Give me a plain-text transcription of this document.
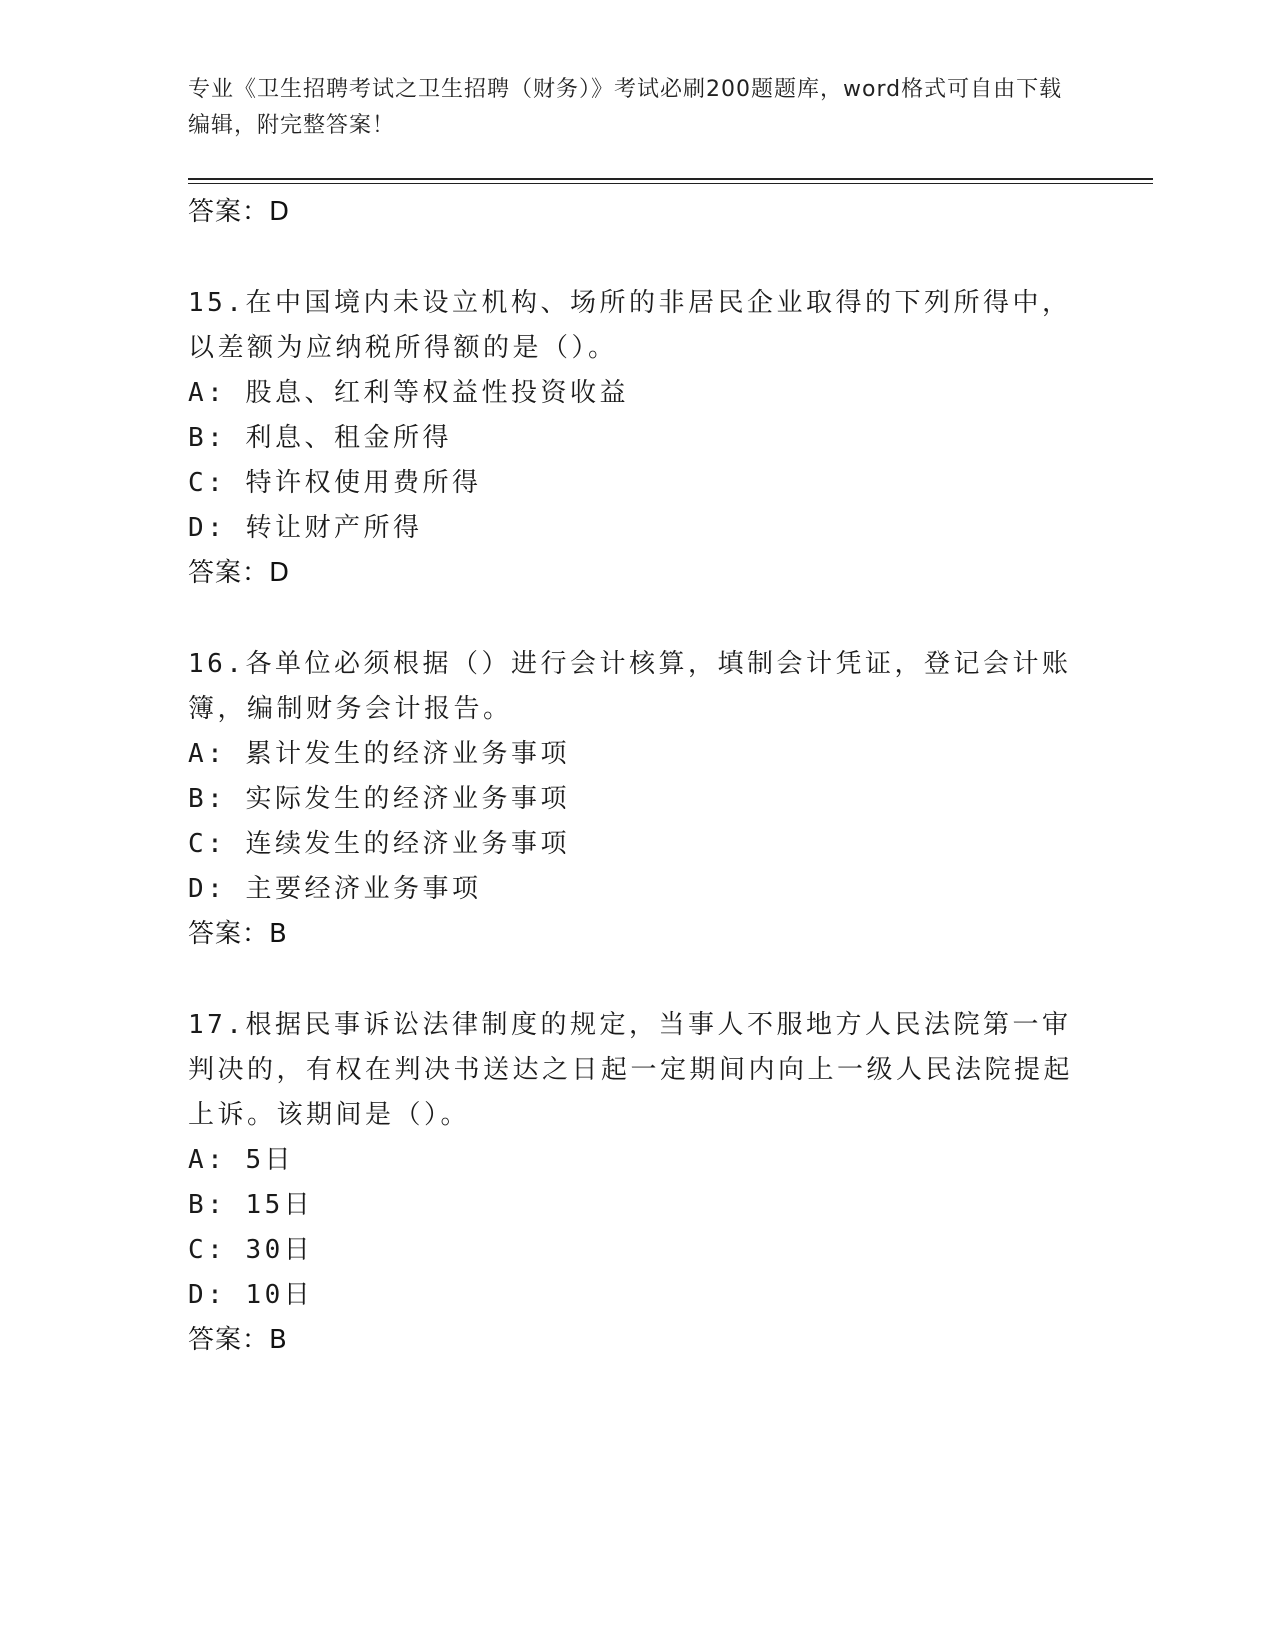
专业《卫生招聘考试之卫生招聘（财务）》考试必刷200题题库，word格式可自由下载编辑，附完整答案！
答案：D
15.在中国境内未设立机构、场所的非居民企业取得的下列所得中，以差额为应纳税所得额的是（）。
A: 股息、红利等权益性投资收益
B: 利息、租金所得
C: 特许权使用费所得
D: 转让财产所得
答案：D
16.各单位必须根据（）进行会计核算，填制会计凭证，登记会计账簿，编制财务会计报告。
A: 累计发生的经济业务事项
B: 实际发生的经济业务事项
C: 连续发生的经济业务事项
D: 主要经济业务事项
答案：B
17.根据民事诉讼法律制度的规定，当事人不服地方人民法院第一审判决的，有权在判决书送达之日起一定期间内向上一级人民法院提起上诉。该期间是（）。
A: 5日
B: 15日
C: 30日
D: 10日
答案：B
